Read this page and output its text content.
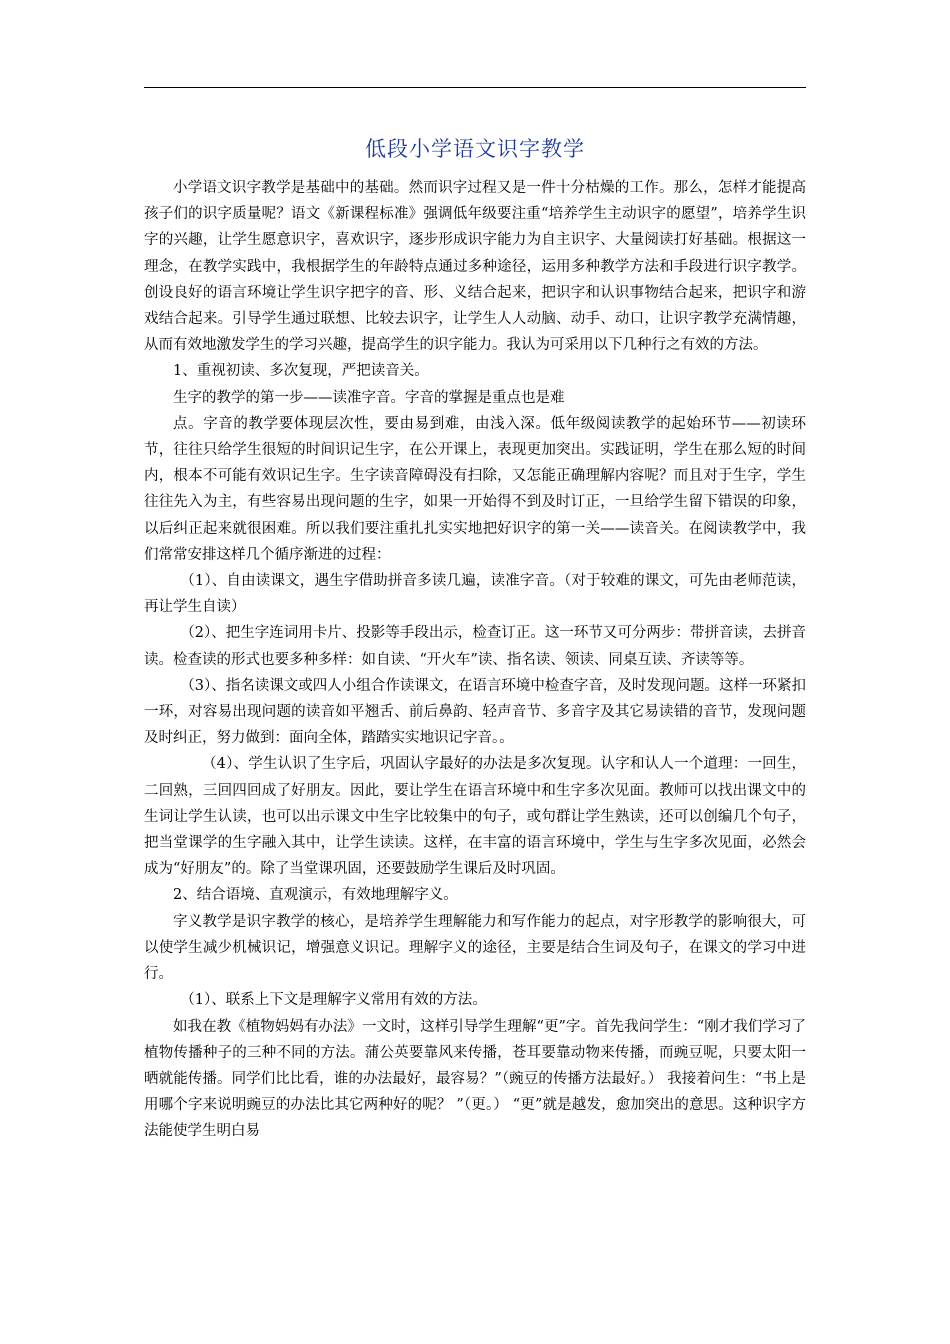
低段小学语文识字教学

小学语文识字教学是基础中的基础。然而识字过程又是一件十分枯燥的工作。那么，怎样才能提高孩子们的识字质量呢？语文《新课程标准》强调低年级要注重“培养学生主动识字的愿望”，培养学生识字的兴趣，让学生愿意识字，喜欢识字，逐步形成识字能力为自主识字、大量阅读打好基础。根据这一理念，在教学实践中，我根据学生的年龄特点通过多种途径，运用多种教学方法和手段进行识字教学。创设良好的语言环境让学生识字把字的音、形、义结合起来，把识字和认识事物结合起来，把识字和游戏结合起来。引导学生通过联想、比较去识字，让学生人人动脑、动手、动口，让识字教学充满情趣，从而有效地激发学生的学习兴趣，提高学生的识字能力。我认为可采用以下几种行之有效的方法。

1、重视初读、多次复现，严把读音关。

生字的教学的第一步——读准字音。字音的掌握是重点也是难

点。字音的教学要体现层次性，要由易到难，由浅入深。低年级阅读教学的起始环节——初读环节，往往只给学生很短的时间识记生字，在公开课上，表现更加突出。实践证明，学生在那么短的时间内，根本不可能有效识记生字。生字读音障碍没有扫除，又怎能正确理解内容呢？而且对于生字，学生往往先入为主，有些容易出现问题的生字，如果一开始得不到及时订正，一旦给学生留下错误的印象，以后纠正起来就很困难。所以我们要注重扎扎实实地把好识字的第一关——读音关。在阅读教学中，我们常常安排这样几个循序渐进的过程：

（1）、自由读课文，遇生字借助拼音多读几遍，读准字音。（对于较难的课文，可先由老师范读，再让学生自读）

（2）、把生字连词用卡片、投影等手段出示，检查订正。这一环节又可分两步：带拼音读，去拼音读。检查读的形式也要多种多样：如自读、“开火车”读、指名读、领读、同桌互读、齐读等等。

（3）、指名读课文或四人小组合作读课文，在语言环境中检查字音，及时发现问题。这样一环紧扣一环，对容易出现问题的读音如平翘舌、前后鼻韵、轻声音节、多音字及其它易读错的音节，发现问题及时纠正，努力做到：面向全体，踏踏实实地识记字音。。

（4）、学生认识了生字后，巩固认字最好的办法是多次复现。认字和认人一个道理：一回生，二回熟，三回四回成了好朋友。因此，要让学生在语言环境中和生字多次见面。教师可以找出课文中的生词让学生认读，也可以出示课文中生字比较集中的句子，或句群让学生熟读，还可以创编几个句子，把当堂课学的生字融入其中，让学生读读。这样，在丰富的语言环境中，学生与生字多次见面，必然会成为“好朋友”的。除了当堂课巩固，还要鼓励学生课后及时巩固。

2、结合语境、直观演示，有效地理解字义。

字义教学是识字教学的核心，是培养学生理解能力和写作能力的起点，对字形教学的影响很大，可以使学生减少机械识记，增强意义识记。理解字义的途径，主要是结合生词及句子，在课文的学习中进行。

（1）、联系上下文是理解字义常用有效的方法。

如我在教《植物妈妈有办法》一文时，这样引导学生理解“更”字。首先我问学生：“刚才我们学习了植物传播种子的三种不同的方法。蒲公英要靠风来传播，苍耳要靠动物来传播，而豌豆呢，只要太阳一晒就能传播。同学们比比看，谁的办法最好，最容易？”（豌豆的传播方法最好。） 我接着问生：“书上是用哪个字来说明豌豆的办法比其它两种好的呢？ ”（更。） “更”就是越发，愈加突出的意思。这种识字方法能使学生明白易
